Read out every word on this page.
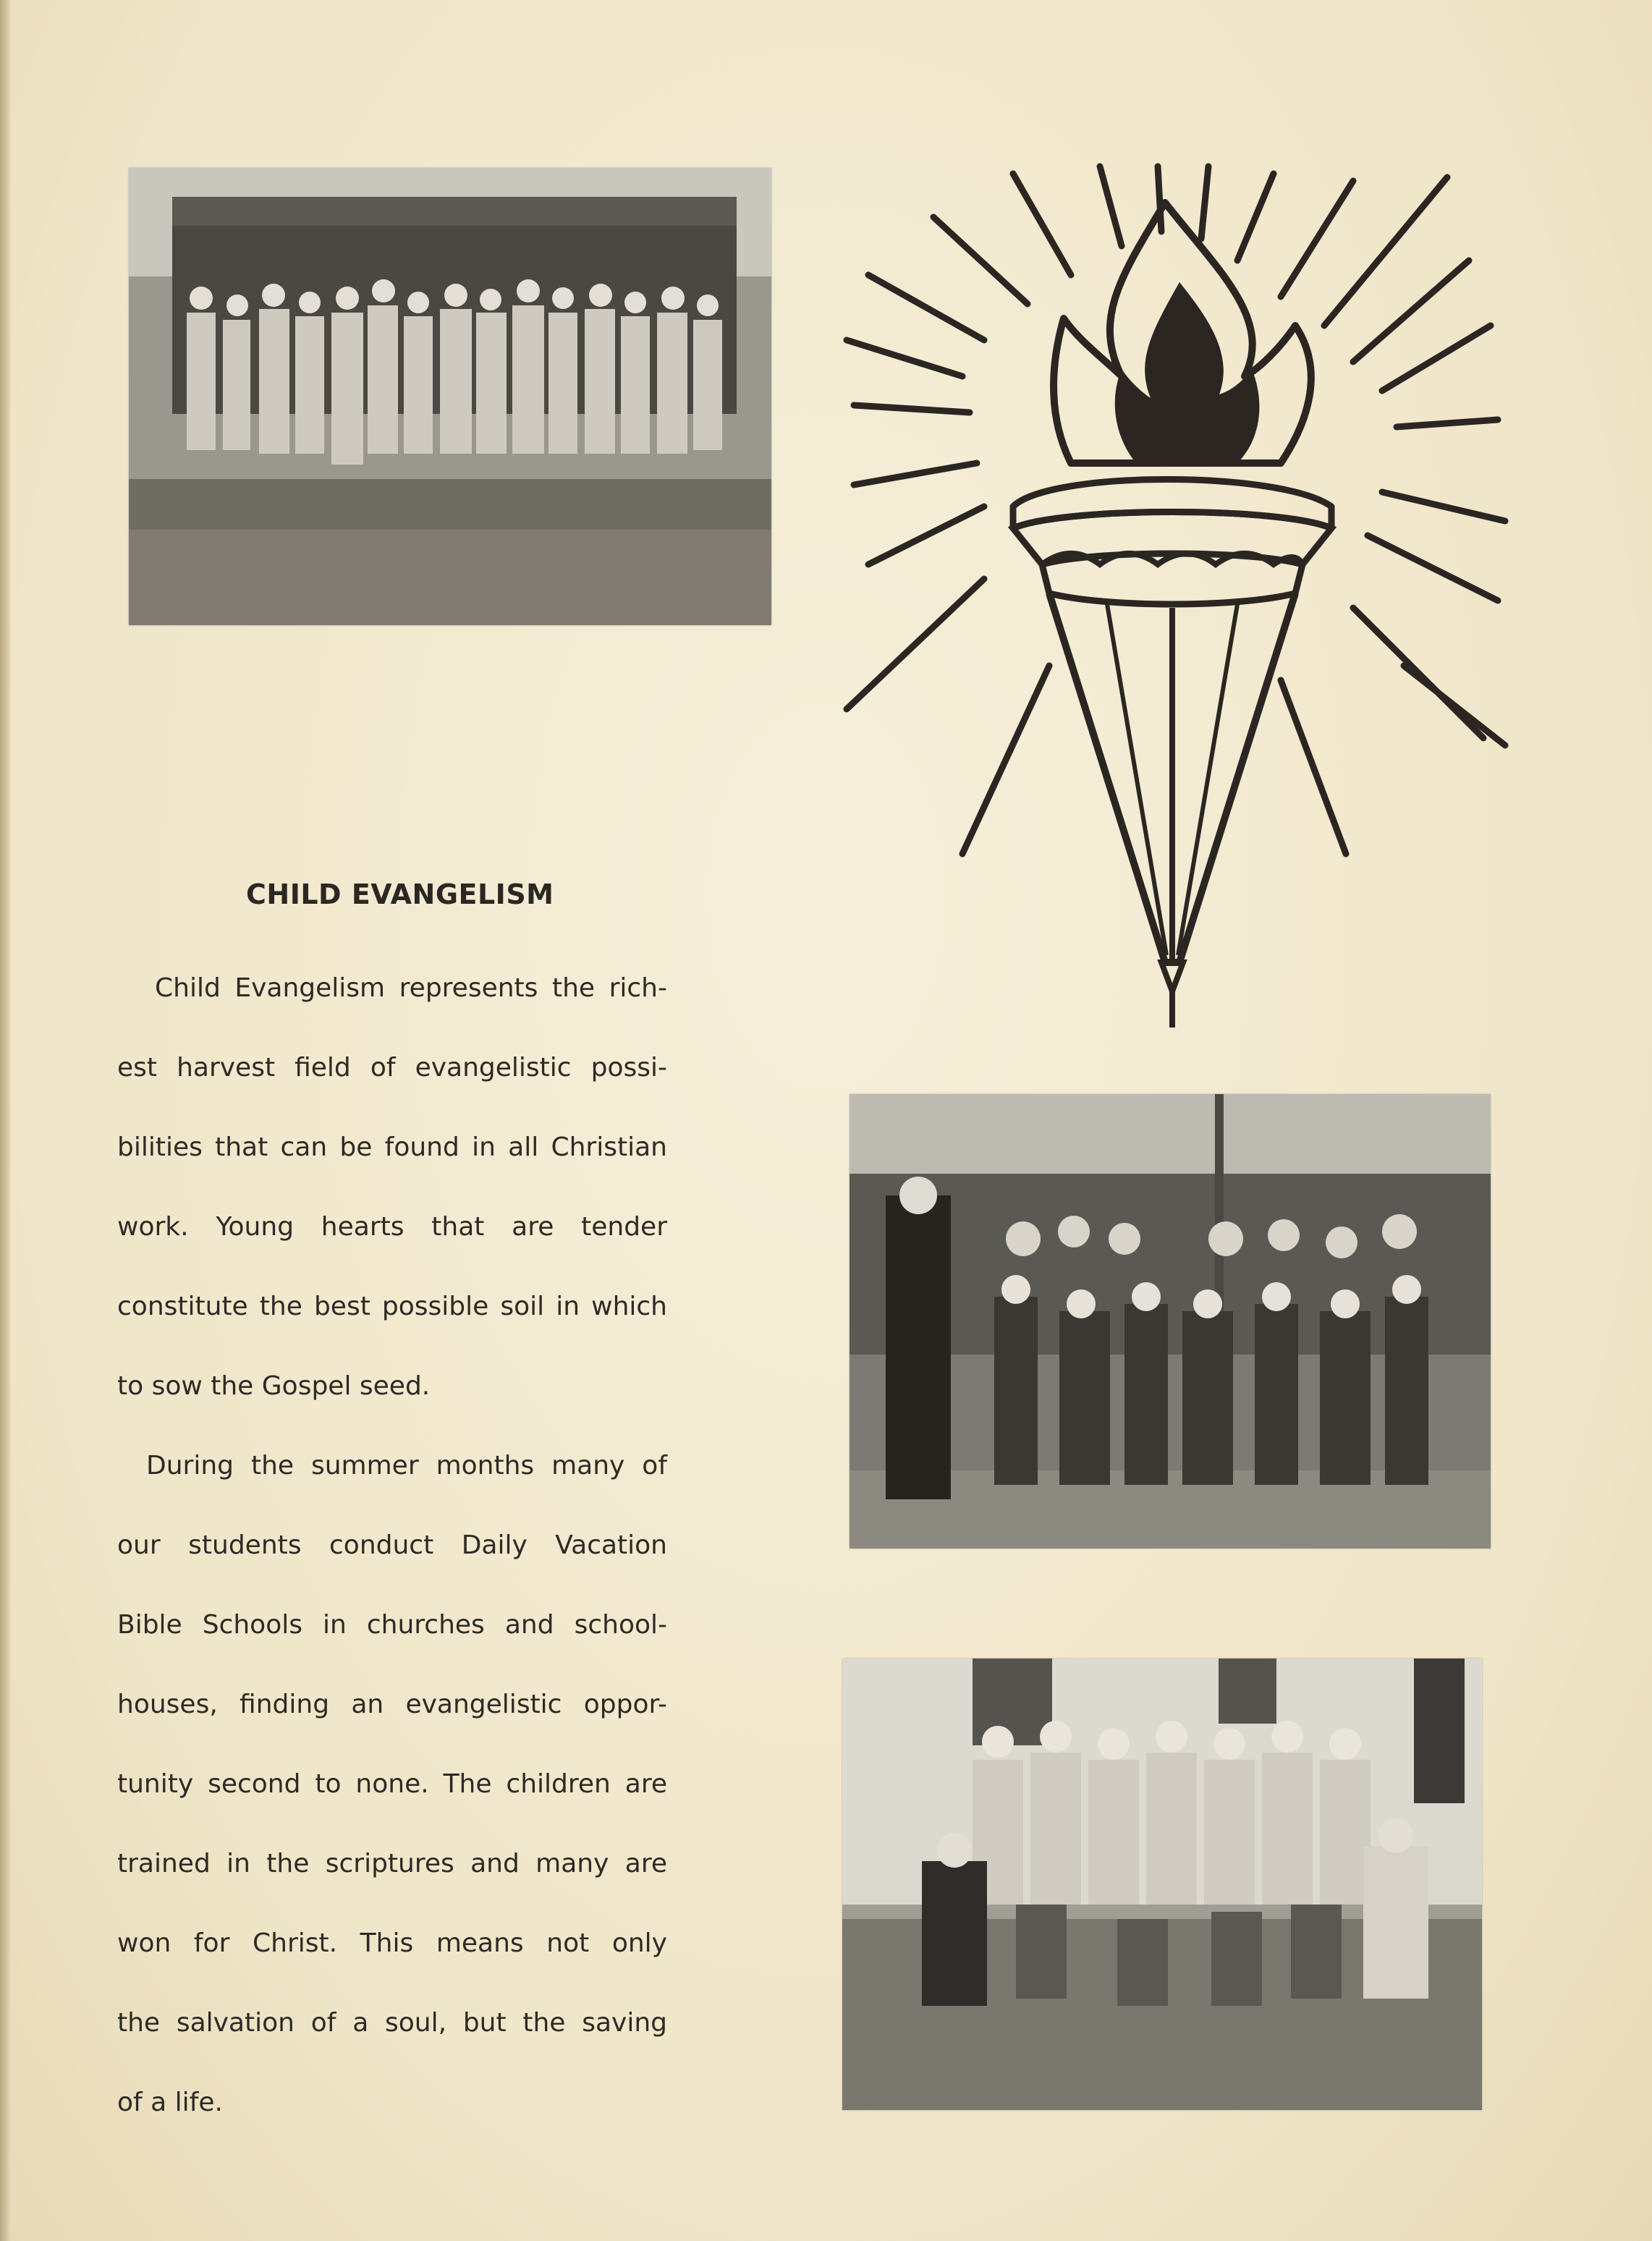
CHILD EVANGELISM

Child Evangelism represents the rich-
est harvest field of evangelistic possi-
bilities that can be found in all Christian
work. Young hearts that are tender
constitute the best possible soil in which
to sow the Gospel seed.

During the summer months many of
our students conduct Daily Vacation
Bible Schools in churches and school-
houses, finding an evangelistic oppor-
tunity second to none. The children are
trained in the scriptures and many are
won for Christ. This means not only
the salvation of a soul, but the saving
of a life.
